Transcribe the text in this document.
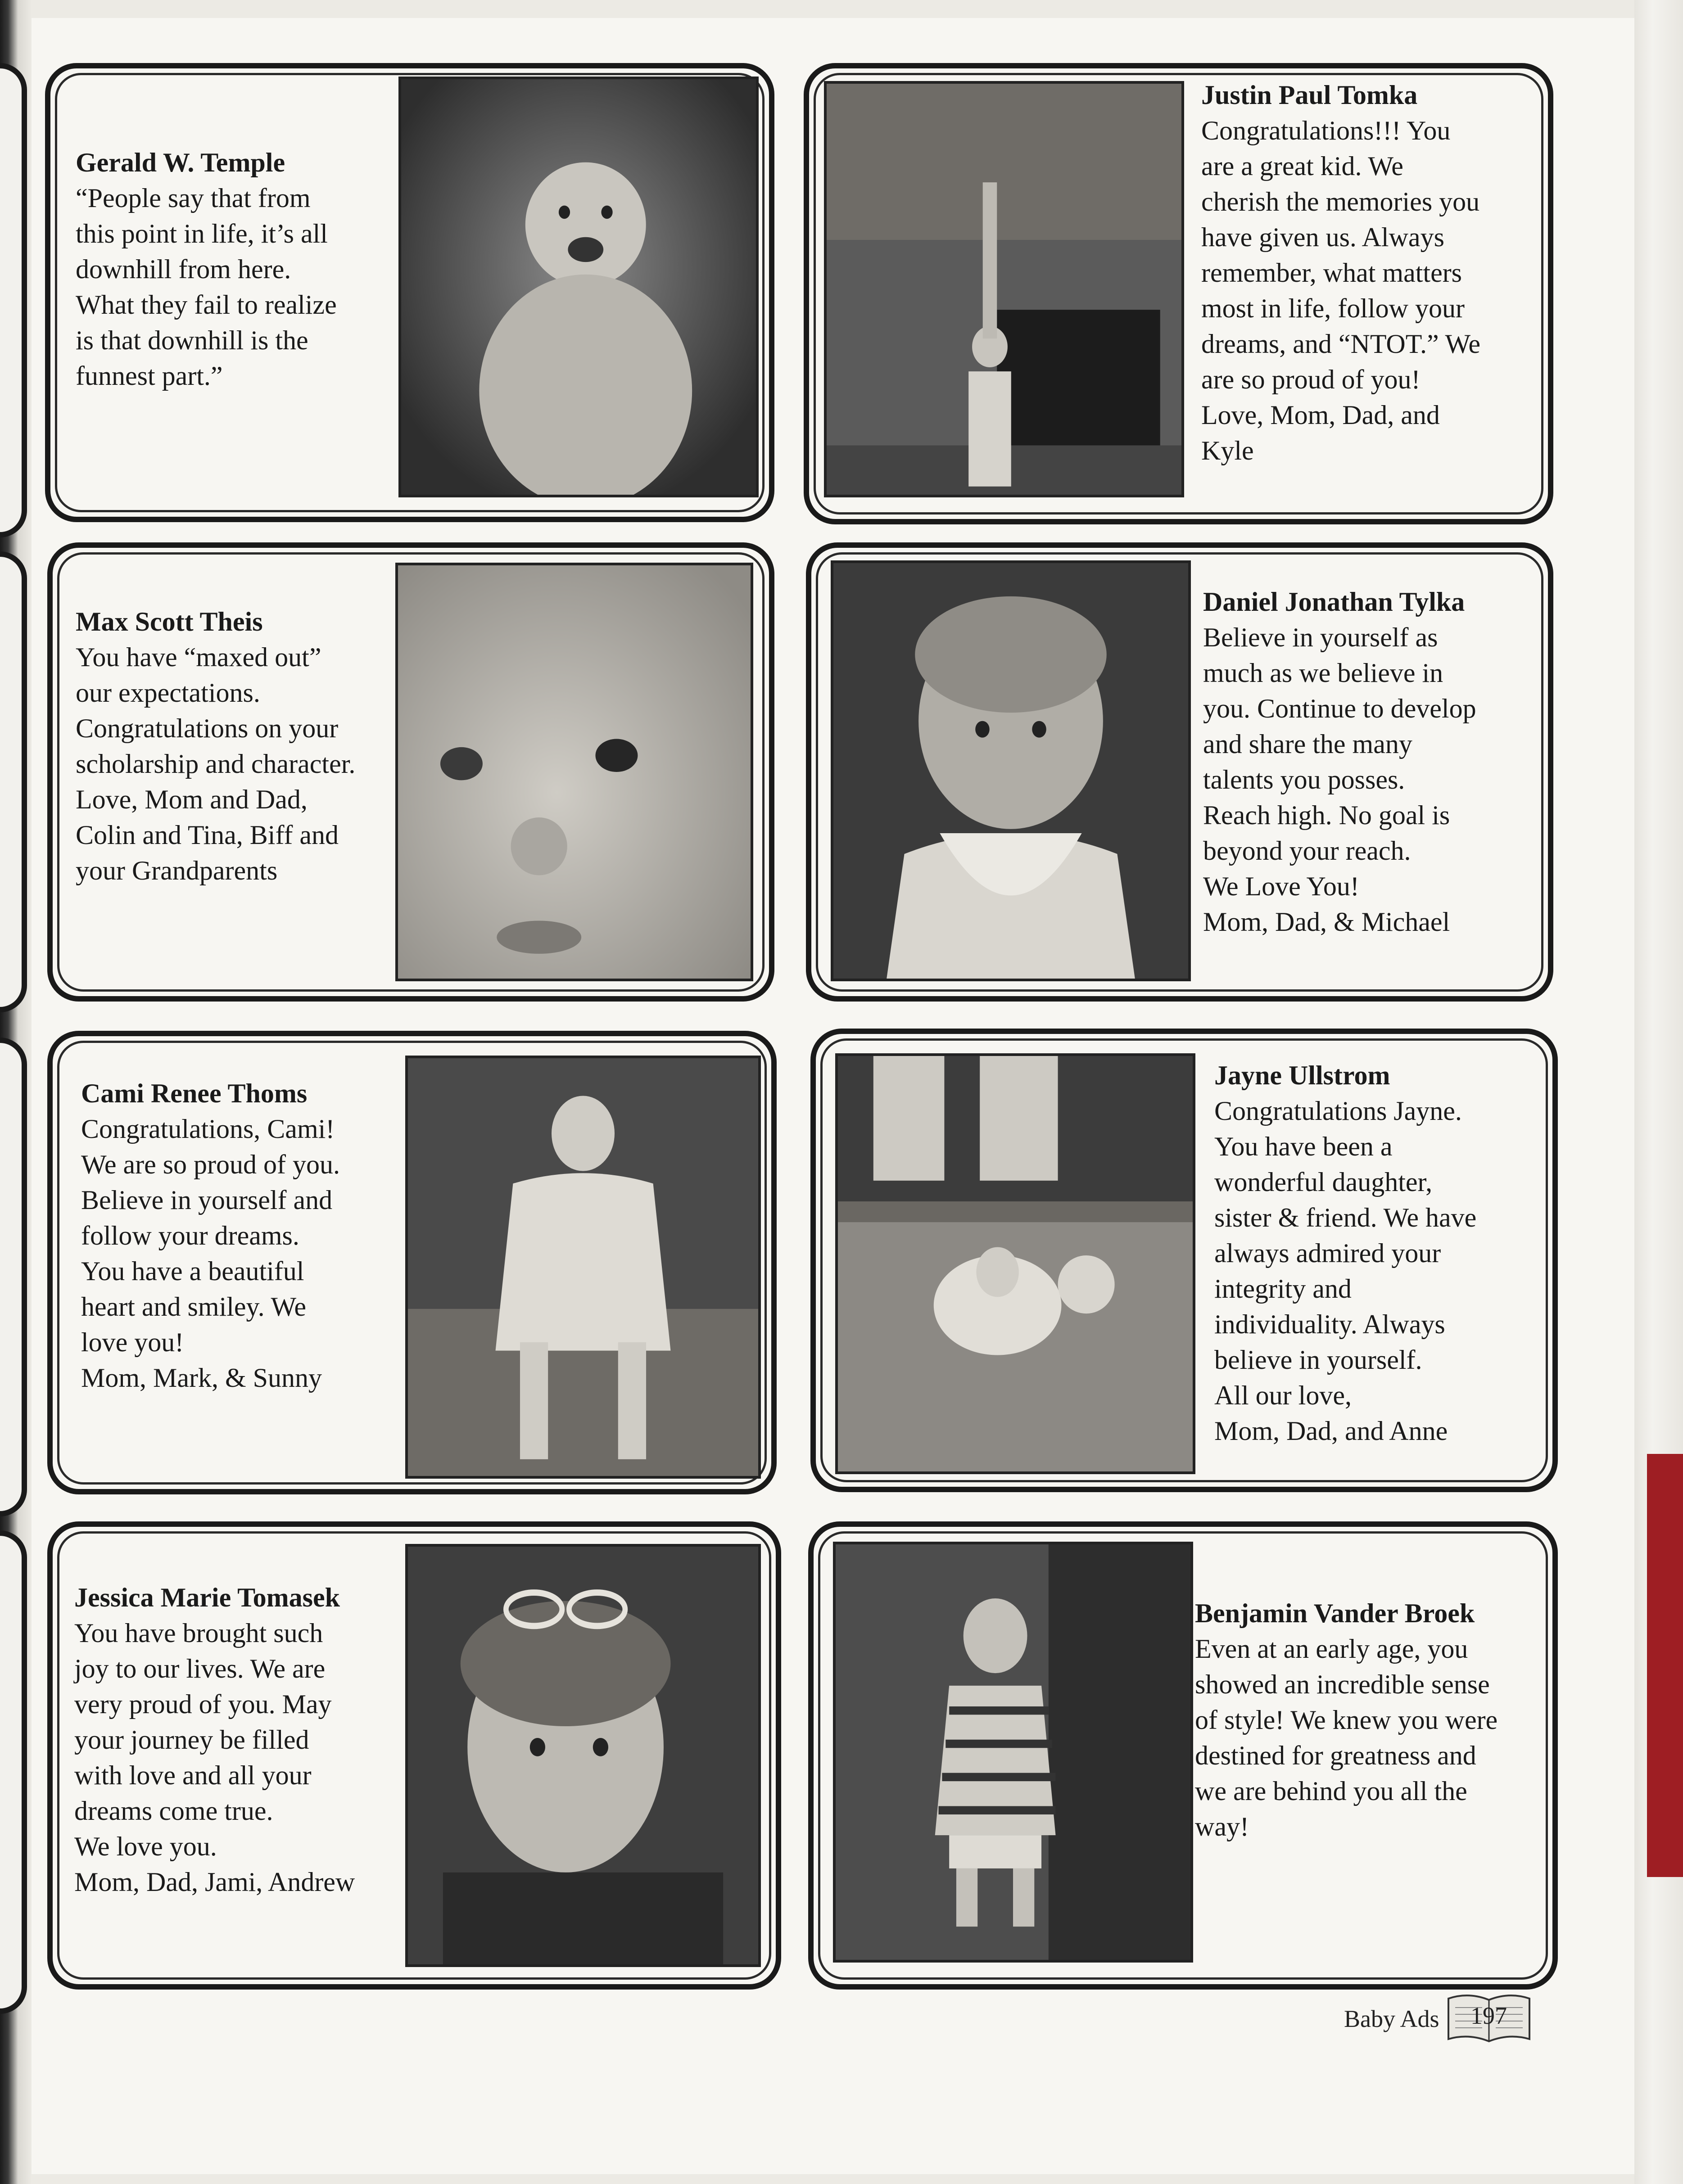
Gerald W. Temple
“People say that from
this point in life, it’s all
downhill from here.
What they fail to realize
is that downhill is the
funnest part.”
Justin Paul Tomka
Congratulations!!! You
are a great kid. We
cherish the memories you
have given us. Always
remember, what matters
most in life, follow your
dreams, and “NTOT.” We
are so proud of you!
Love, Mom, Dad, and
Kyle
Max Scott Theis
You have “maxed out”
our expectations.
Congratulations on your
scholarship and character.
Love, Mom and Dad,
Colin and Tina, Biff and
your Grandparents
Daniel Jonathan Tylka
Believe in yourself as
much as we believe in
you. Continue to develop
and share the many
talents you posses.
Reach high. No goal is
beyond your reach.
We Love You!
Mom, Dad, & Michael
Cami Renee Thoms
Congratulations, Cami!
We are so proud of you.
Believe in yourself and
follow your dreams.
You have a beautiful
heart and smiley. We
love you!
Mom, Mark, & Sunny
Jayne Ullstrom
Congratulations Jayne.
You have been a
wonderful daughter,
sister & friend. We have
always admired your
integrity and
individuality. Always
believe in yourself.
All our love,
Mom, Dad, and Anne
Jessica Marie Tomasek
You have brought such
joy to our lives. We are
very proud of you. May
your journey be filled
with love and all your
dreams come true.
We love you.
Mom, Dad, Jami, Andrew
Benjamin Vander Broek
Even at an early age, you
showed an incredible sense
of style! We knew you were
destined for greatness and
we are behind you all the
way!
Baby Ads	197
